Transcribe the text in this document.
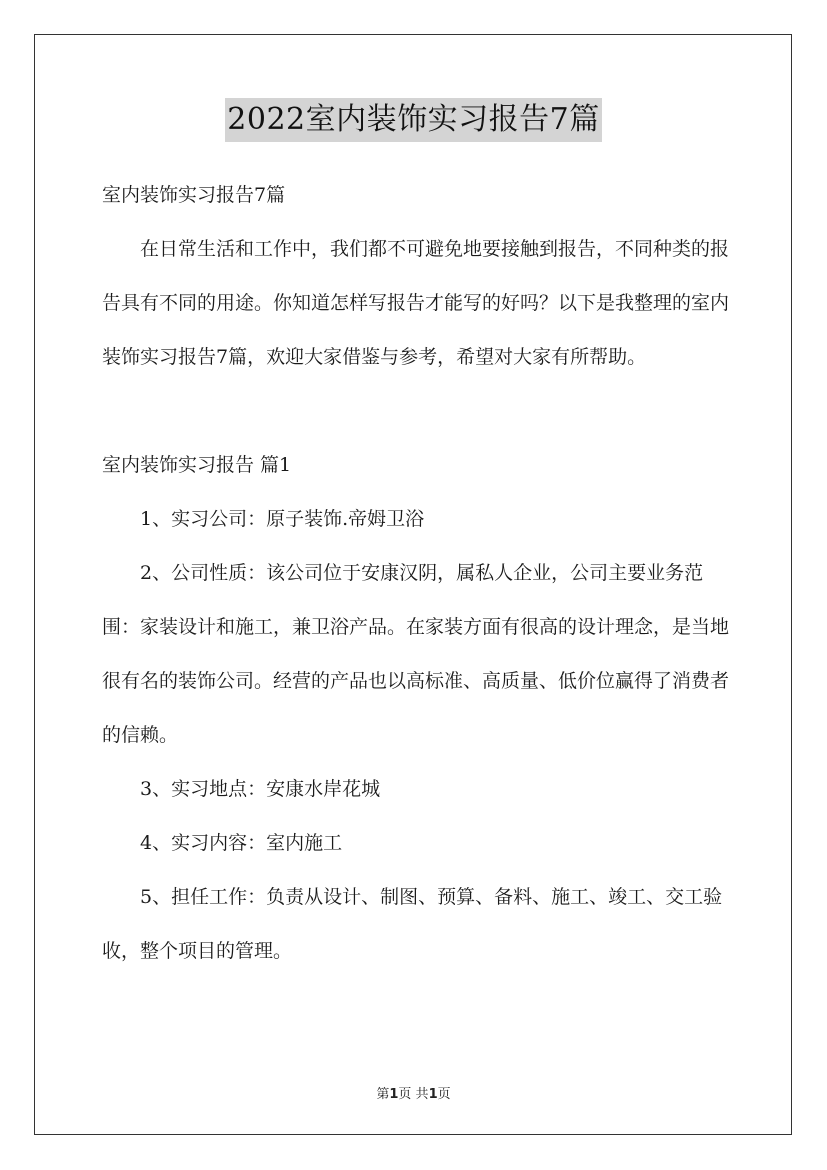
2022室内装饰实习报告7篇

室内装饰实习报告7篇

在日常生活和工作中，我们都不可避免地要接触到报告，不同种类的报告具有不同的用途。你知道怎样写报告才能写的好吗？以下是我整理的室内装饰实习报告7篇，欢迎大家借鉴与参考，希望对大家有所帮助。

室内装饰实习报告 篇1

1、实习公司：原子装饰.帝姆卫浴

2、公司性质：该公司位于安康汉阴，属私人企业，公司主要业务范围：家装设计和施工，兼卫浴产品。在家装方面有很高的设计理念，是当地很有名的装饰公司。经营的产品也以高标准、高质量、低价位赢得了消费者的信赖。

3、实习地点：安康水岸花城

4、实习内容：室内施工

5、担任工作：负责从设计、制图、预算、备料、施工、竣工、交工验收，整个项目的管理。

第1页 共1页
